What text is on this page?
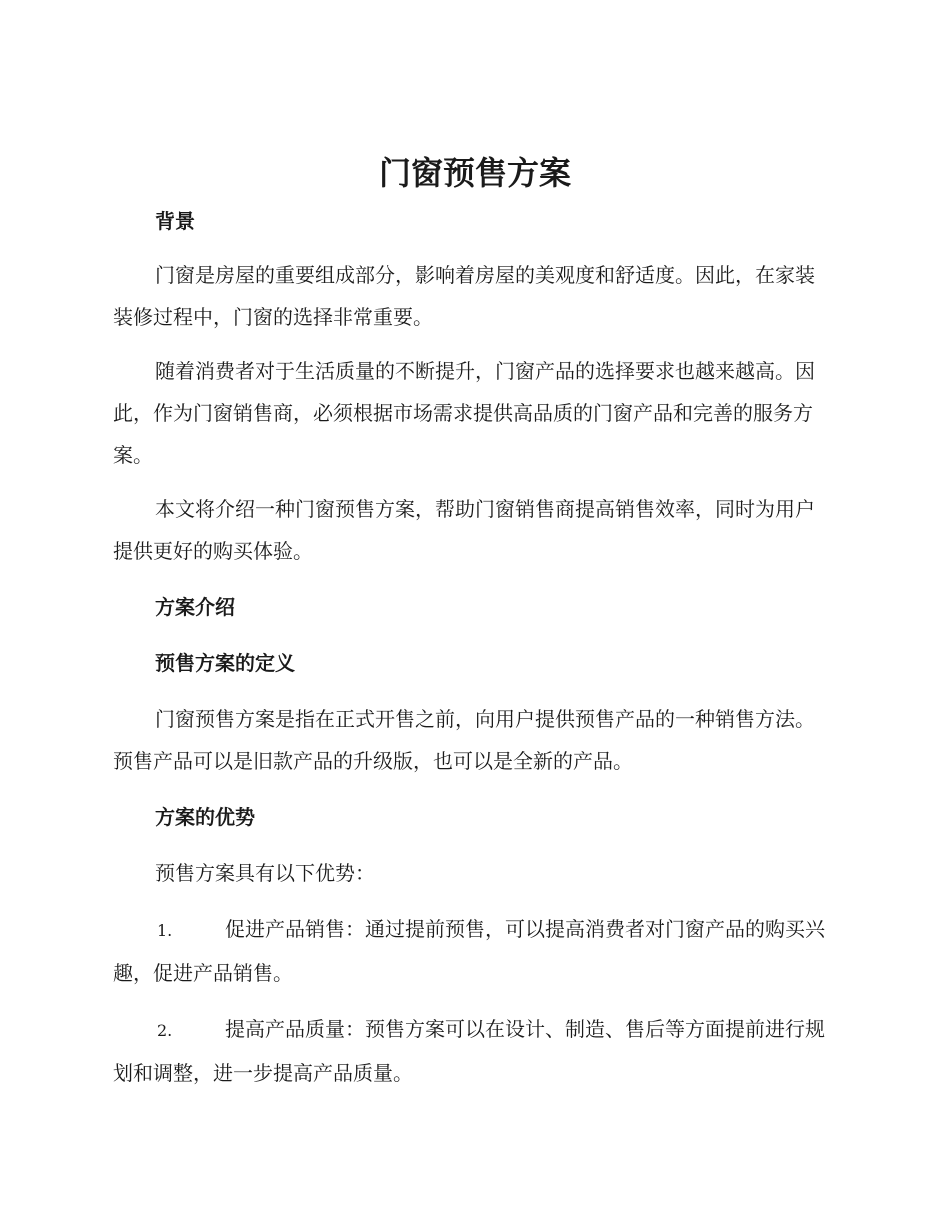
门窗预售方案

背景

门窗是房屋的重要组成部分，影响着房屋的美观度和舒适度。因此，在家装装修过程中，门窗的选择非常重要。

随着消费者对于生活质量的不断提升，门窗产品的选择要求也越来越高。因此，作为门窗销售商，必须根据市场需求提供高品质的门窗产品和完善的服务方案。

本文将介绍一种门窗预售方案，帮助门窗销售商提高销售效率，同时为用户提供更好的购买体验。

方案介绍

预售方案的定义

门窗预售方案是指在正式开售之前，向用户提供预售产品的一种销售方法。预售产品可以是旧款产品的升级版，也可以是全新的产品。

方案的优势

预售方案具有以下优势：

1.	促进产品销售：通过提前预售，可以提高消费者对门窗产品的购买兴趣，促进产品销售。

2.	提高产品质量：预售方案可以在设计、制造、售后等方面提前进行规划和调整，进一步提高产品质量。
